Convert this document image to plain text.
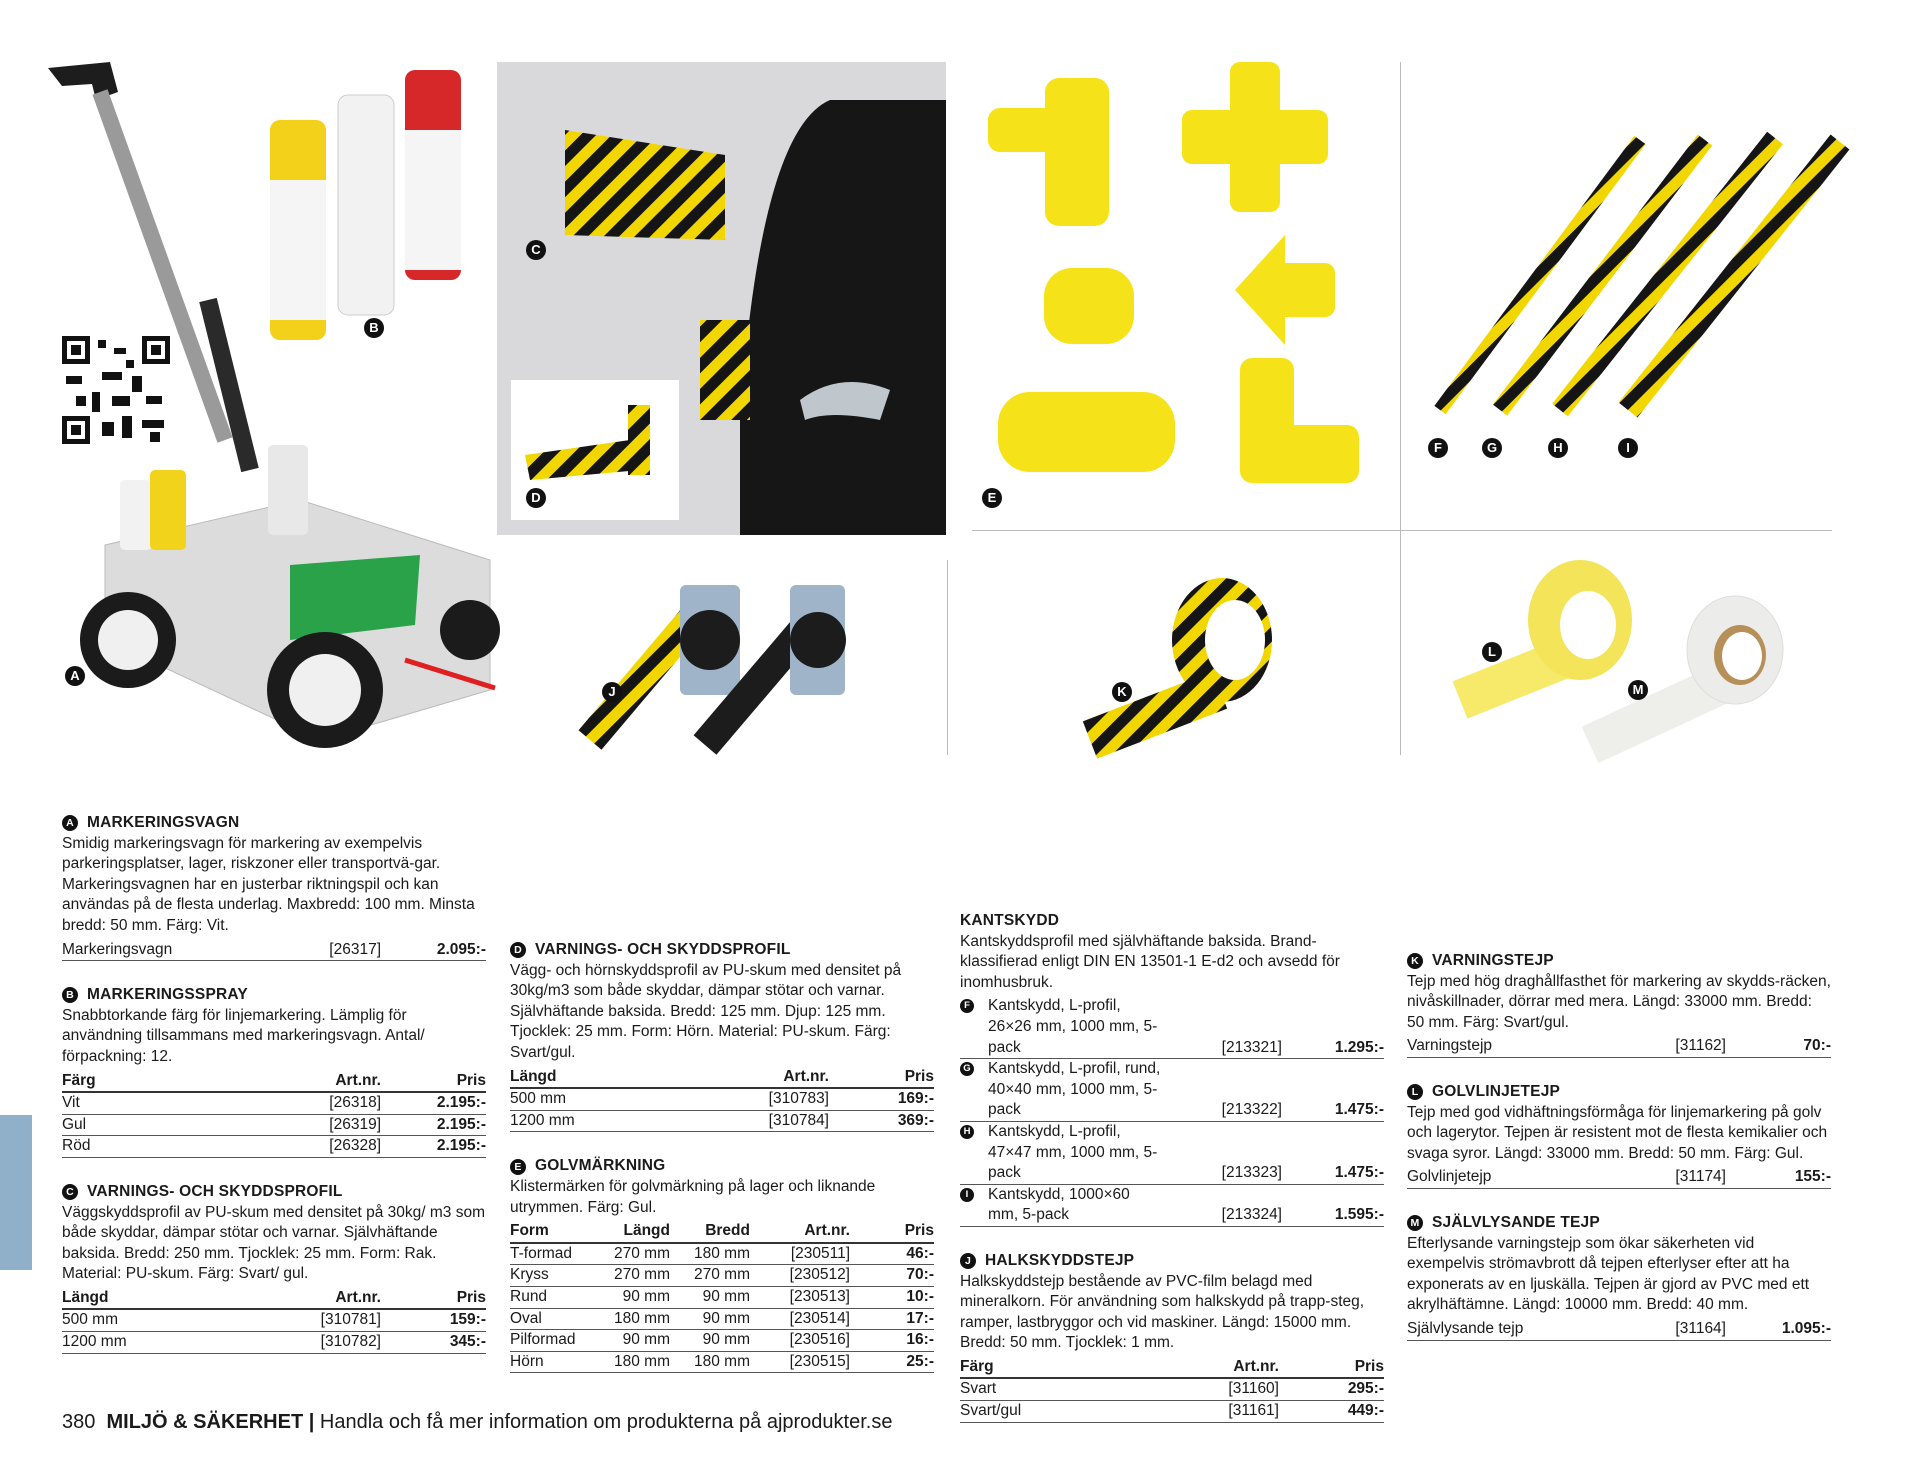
A
B
C
D	E
F	G	H	I
J	K
L
M
A MARKERINGSVAGN

Smidig markeringsvagn för markering av exempelvis parkeringsplatser, lager, riskzoner eller transportvä-gar. Markeringsvagnen har en justerbar riktningspil och kan användas på de flesta underlag. Maxbredd: 100 mm. Minsta bredd: 50 mm. Färg: Vit.

Markeringsvagn	[26317]	2.095:-
B MARKERINGSSPRAY

Snabbtorkande färg för linjemarkering. Lämplig för användning tillsammans med markeringsvagn. Antal/ förpackning: 12.

Färg	Art.nr.	Pris
Vit	[26318]	2.195:-
Gul	[26319]	2.195:-
Röd	[26328]	2.195:-
C VARNINGS- OCH SKYDDSPROFIL

Väggskyddsprofil av PU-skum med densitet på 30kg/ m3 som både skyddar, dämpar stötar och varnar. Självhäftande baksida. Bredd: 250 mm. Tjocklek: 25 mm. Form: Rak. Material: PU-skum. Färg: Svart/ gul.

Längd	Art.nr.	Pris
500 mm	[310781]	159:-
1200 mm	[310782]	345:-
D VARNINGS- OCH SKYDDSPROFIL

Vägg- och hörnskyddsprofil av PU-skum med densitet på 30kg/m3 som både skyddar, dämpar stötar och varnar. Självhäftande baksida. Bredd: 125 mm. Djup: 125 mm. Tjocklek: 25 mm. Form: Hörn. Material: PU-skum. Färg: Svart/gul.

Längd	Art.nr.	Pris
500 mm	[310783]	169:-
1200 mm	[310784]	369:-
E GOLVMÄRKNING

Klistermärken för golvmärkning på lager och liknande utrymmen. Färg: Gul.

Form	Längd	Bredd	Art.nr.	Pris
T-formad	270 mm	180 mm	[230511]	46:-
Kryss	270 mm	270 mm	[230512]	70:-
Rund	90 mm	90 mm	[230513]	10:-
Oval	180 mm	90 mm	[230514]	17:-
Pilformad	90 mm	90 mm	[230516]	16:-
Hörn	180 mm	180 mm	[230515]	25:-
KANTSKYDD

Kantskyddsprofil med självhäftande baksida. Brand-klassifierad enligt DIN EN 13501-1 E-d2 och avsedd för inomhusbruk.

F Kantskydd, L-profil, 26×26 mm, 1000 mm, 5-pack	[213321]	1.295:-
G Kantskydd, L-profil, rund, 40×40 mm, 1000 mm, 5-pack	[213322]	1.475:-
H Kantskydd, L-profil, 47×47 mm, 1000 mm, 5-pack	[213323]	1.475:-
I	Kantskydd, 1000×60 mm, 5-pack	[213324]	1.595:-
J HALKSKYDDSTEJP

Halkskyddstejp bestående av PVC-film belagd med mineralkorn. För användning som halkskydd på trapp-steg, ramper, lastbryggor och vid maskiner. Längd: 15000 mm. Bredd: 50 mm. Tjocklek: 1 mm.

Färg	Art.nr.	Pris
Svart	[31160]	295:-
Svart/gul	[31161]	449:-
K VARNINGSTEJP

Tejp med hög draghållfasthet för markering av skydds-räcken, nivåskillnader, dörrar med mera. Längd: 33000 mm. Bredd: 50 mm. Färg: Svart/gul.

Varningstejp	[31162]	70:-
L GOLVLINJETEJP

Tejp med god vidhäftningsförmåga för linjemarkering på golv och lagerytor. Tejpen är resistent mot de flesta kemikalier och svaga syror. Längd: 33000 mm. Bredd: 50 mm. Färg: Gul.

Golvlinjetejp	[31174]	155:-
M SJÄLVLYSANDE TEJP

Efterlysande varningstejp som ökar säkerheten vid exempelvis strömavbrott då tejpen efterlyser efter att ha exponerats av en ljuskälla. Tejpen är gjord av PVC med ett akrylhäftämne. Längd: 10000 mm. Bredd: 40 mm.

Självlysande tejp	[31164]	1.095:-
380 MILJÖ & SÄKERHET | Handla och få mer information om produkterna på ajprodukter.se
